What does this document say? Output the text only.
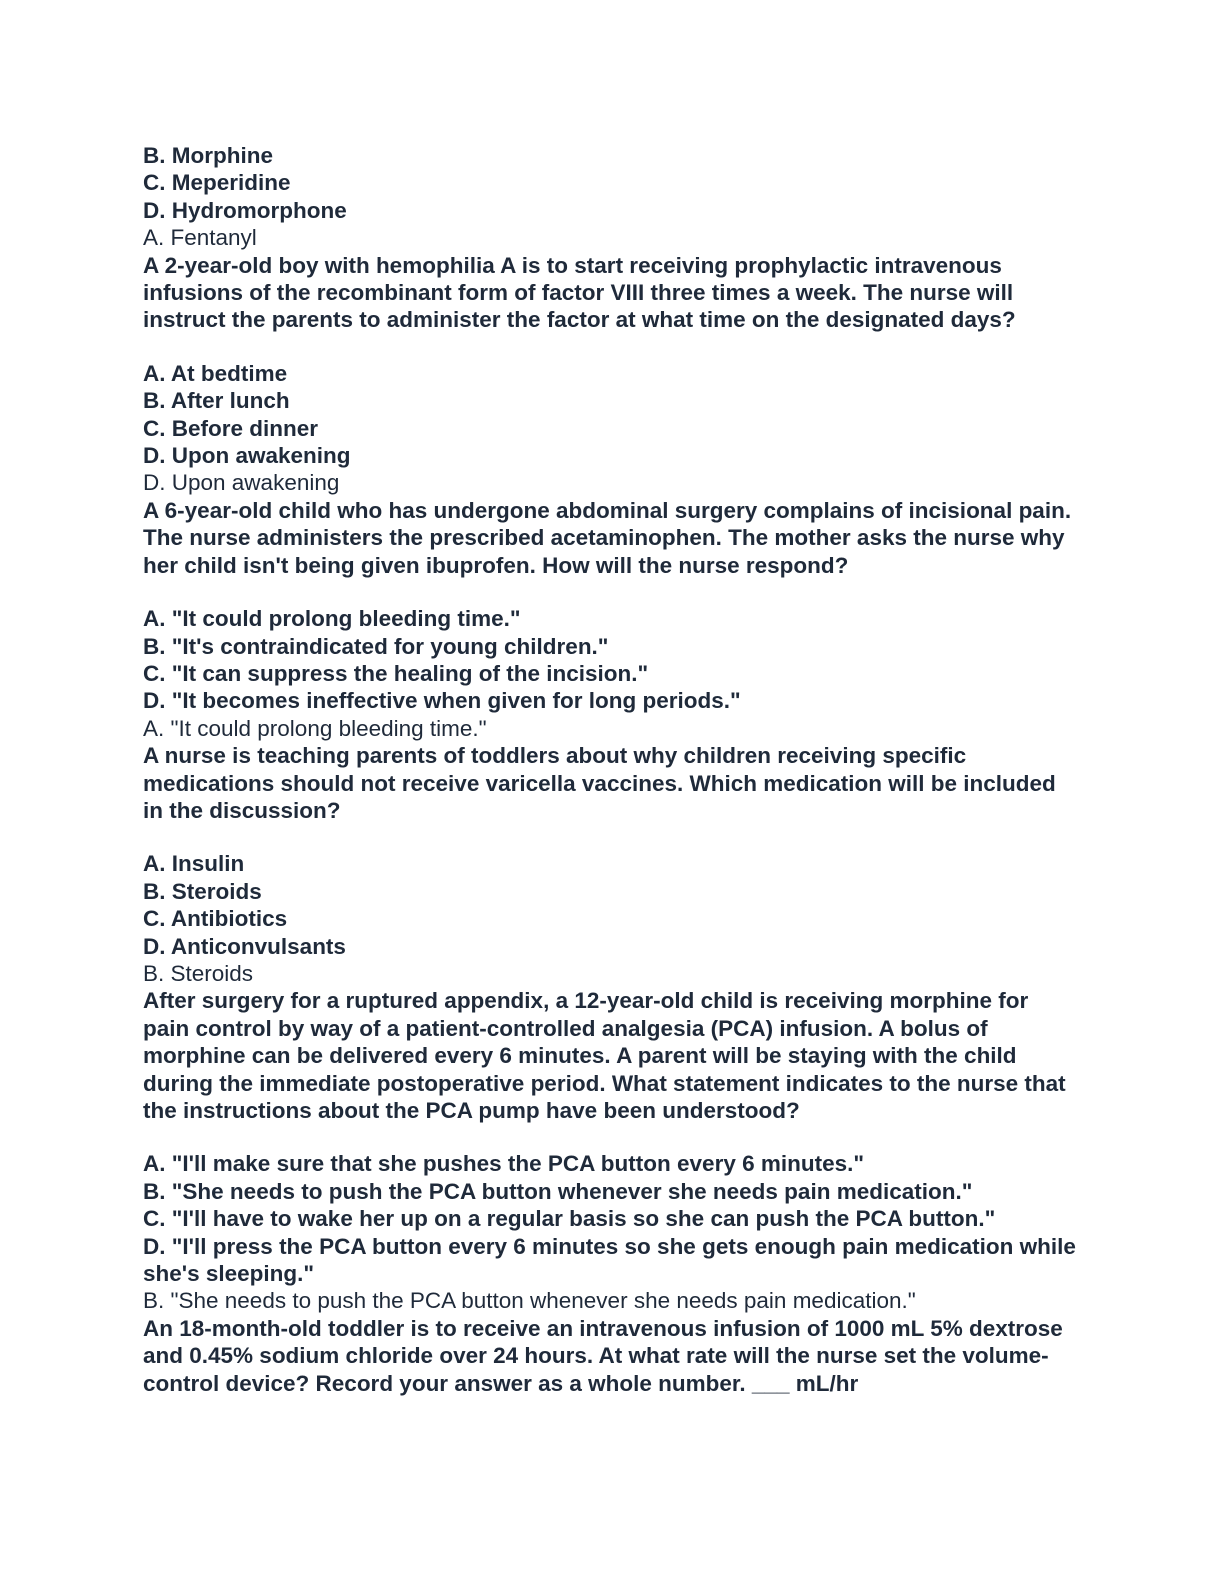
B. Morphine
C. Meperidine
D. Hydromorphone
A. Fentanyl
A 2-year-old boy with hemophilia A is to start receiving prophylactic intravenous infusions of the recombinant form of factor VIII three times a week. The nurse will instruct the parents to administer the factor at what time on the designated days?
A. At bedtime
B. After lunch
C. Before dinner
D. Upon awakening
D. Upon awakening
A 6-year-old child who has undergone abdominal surgery complains of incisional pain. The nurse administers the prescribed acetaminophen. The mother asks the nurse why her child isn't being given ibuprofen. How will the nurse respond?
A. "It could prolong bleeding time."
B. "It's contraindicated for young children."
C. "It can suppress the healing of the incision."
D. "It becomes ineffective when given for long periods."
A. "It could prolong bleeding time."
A nurse is teaching parents of toddlers about why children receiving specific medications should not receive varicella vaccines. Which medication will be included in the discussion?
A. Insulin
B. Steroids
C. Antibiotics
D. Anticonvulsants
B. Steroids
After surgery for a ruptured appendix, a 12-year-old child is receiving morphine for pain control by way of a patient-controlled analgesia (PCA) infusion. A bolus of morphine can be delivered every 6 minutes. A parent will be staying with the child during the immediate postoperative period. What statement indicates to the nurse that the instructions about the PCA pump have been understood?
A. "I'll make sure that she pushes the PCA button every 6 minutes."
B. "She needs to push the PCA button whenever she needs pain medication."
C. "I'll have to wake her up on a regular basis so she can push the PCA button."
D. "I'll press the PCA button every 6 minutes so she gets enough pain medication while she's sleeping."
B. "She needs to push the PCA button whenever she needs pain medication."
An 18-month-old toddler is to receive an intravenous infusion of 1000 mL 5% dextrose and 0.45% sodium chloride over 24 hours. At what rate will the nurse set the volume-control device? Record your answer as a whole number. ___ mL/hr
